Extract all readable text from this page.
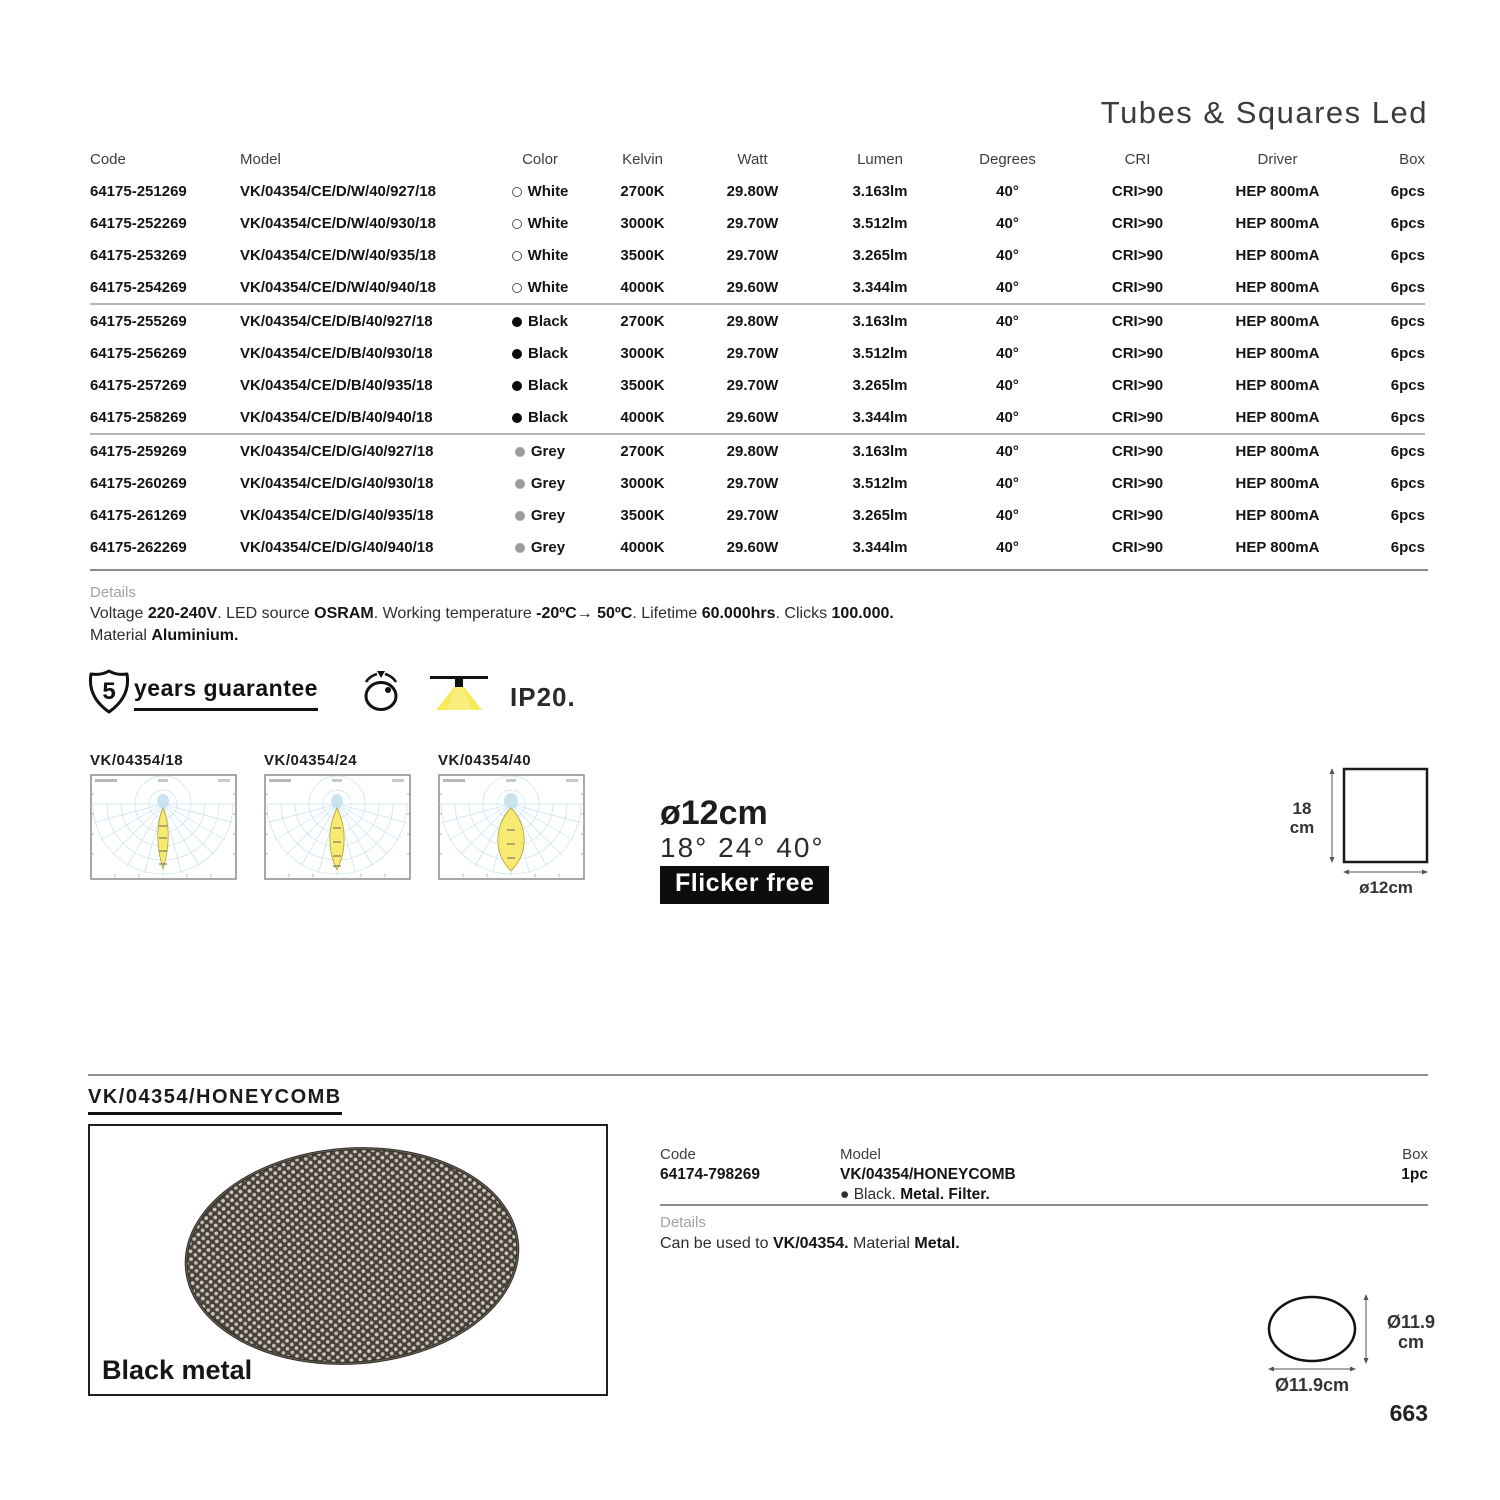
Tubes & Squares Led
Code	Model	Color	Kelvin	Watt	Lumen	Degrees	CRI	Driver	Box
64175-251269	VK/04354/CE/D/W/40/927/18	White	2700K	29.80W	3.163lm	40°	CRI>90	HEP 800mA	6pcs
64175-252269	VK/04354/CE/D/W/40/930/18	White	3000K	29.70W	3.512lm	40°	CRI>90	HEP 800mA	6pcs
64175-253269	VK/04354/CE/D/W/40/935/18	White	3500K	29.70W	3.265lm	40°	CRI>90	HEP 800mA	6pcs
64175-254269	VK/04354/CE/D/W/40/940/18	White	4000K	29.60W	3.344lm	40°	CRI>90	HEP 800mA	6pcs
64175-255269	VK/04354/CE/D/B/40/927/18	Black	2700K	29.80W	3.163lm	40°	CRI>90	HEP 800mA	6pcs
64175-256269	VK/04354/CE/D/B/40/930/18	Black	3000K	29.70W	3.512lm	40°	CRI>90	HEP 800mA	6pcs
64175-257269	VK/04354/CE/D/B/40/935/18	Black	3500K	29.70W	3.265lm	40°	CRI>90	HEP 800mA	6pcs
64175-258269	VK/04354/CE/D/B/40/940/18	Black	4000K	29.60W	3.344lm	40°	CRI>90	HEP 800mA	6pcs
64175-259269	VK/04354/CE/D/G/40/927/18	Grey	2700K	29.80W	3.163lm	40°	CRI>90	HEP 800mA	6pcs
64175-260269	VK/04354/CE/D/G/40/930/18	Grey	3000K	29.70W	3.512lm	40°	CRI>90	HEP 800mA	6pcs
64175-261269	VK/04354/CE/D/G/40/935/18	Grey	3500K	29.70W	3.265lm	40°	CRI>90	HEP 800mA	6pcs
64175-262269	VK/04354/CE/D/G/40/940/18	Grey	4000K	29.60W	3.344lm	40°	CRI>90	HEP 800mA	6pcs
Details
Voltage 220-240V. LED source OSRAM. Working temperature -20ºC→ 50ºC. Lifetime 60.000hrs. Clicks 100.000.
Material Aluminium.
5 years guarantee	IP20.
VK/04354/18	VK/04354/24	VK/04354/40
ø12cm
18° 24° 40°
Flicker free
18
cm
ø12cm
VK/04354/HONEYCOMB
Black metal
Code
64174-798269
Model
VK/04354/HONEYCOMB
● Black. Metal. Filter.
Box
1pc
Details
Can be used to VK/04354. Material Metal.
Ø11.9
cm
Ø11.9cm
663
